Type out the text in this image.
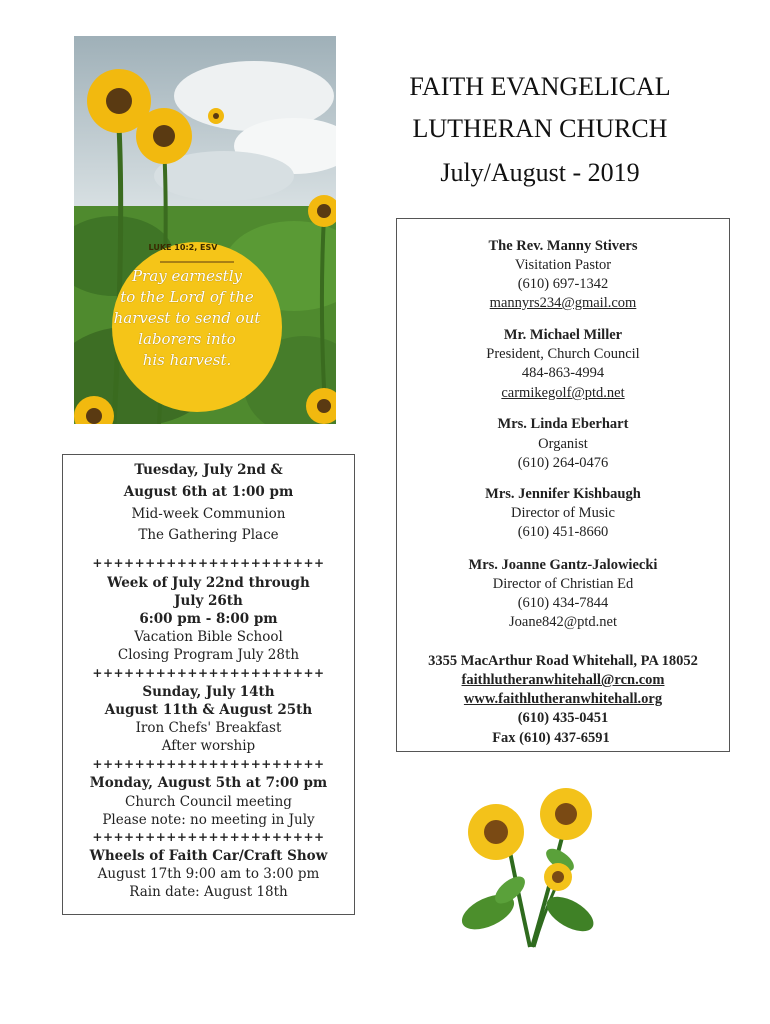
LUKE 10:2, ESV
Pray earnestly
to the Lord of the
harvest to send out
laborers into
his harvest.
FAITH EVANGELICAL
LUTHERAN CHURCH
July/August - 2019
The Rev. Manny Stivers
Visitation Pastor
(610) 697-1342
mannyrs234@gmail.com
Mr. Michael Miller
President, Church Council
484-863-4994
carmikegolf@ptd.net
Mrs. Linda Eberhart
Organist
(610) 264-0476
Mrs. Jennifer Kishbaugh
Director of Music
(610) 451-8660
Mrs. Joanne Gantz-Jalowiecki
Director of Christian Ed
(610) 434-7844
Joane842@ptd.net
3355 MacArthur Road Whitehall, PA 18052
faithlutheranwhitehall@rcn.com
www.faithlutheranwhitehall.org
(610) 435-0451
Fax (610) 437-6591
Tuesday, July 2nd &
August 6th at 1:00 pm
Mid-week Communion
The Gathering Place
++++++++++++++++++++++
Week of July 22nd through
July 26th
6:00 pm - 8:00 pm
Vacation Bible School
Closing Program July 28th
++++++++++++++++++++++
Sunday, July 14th
August 11th & August 25th
Iron Chefs' Breakfast
After worship
++++++++++++++++++++++
Monday, August 5th at 7:00 pm
Church Council meeting
Please note: no meeting in July
++++++++++++++++++++++
Wheels of Faith Car/Craft Show
August 17th 9:00 am to 3:00 pm
Rain date: August 18th
